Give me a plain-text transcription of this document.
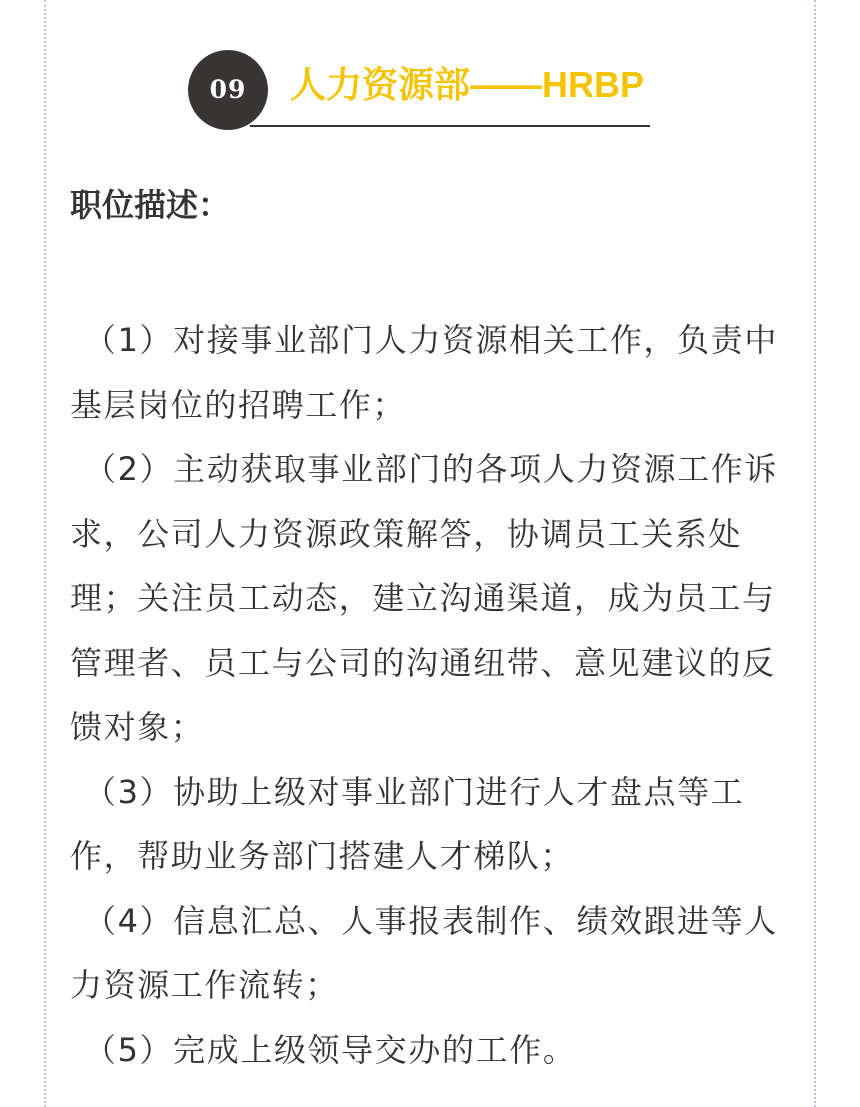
09	人力资源部——HRBP
职位描述：

（1）对接事业部门人力资源相关工作，负责中基层岗位的招聘工作；

（2）主动获取事业部门的各项人力资源工作诉求，公司人力资源政策解答，协调员工关系处理；关注员工动态，建立沟通渠道，成为员工与管理者、员工与公司的沟通纽带、意见建议的反馈对象；

（3）协助上级对事业部门进行人才盘点等工作，帮助业务部门搭建人才梯队；

（4）信息汇总、人事报表制作、绩效跟进等人力资源工作流转；

（5）完成上级领导交办的工作。
